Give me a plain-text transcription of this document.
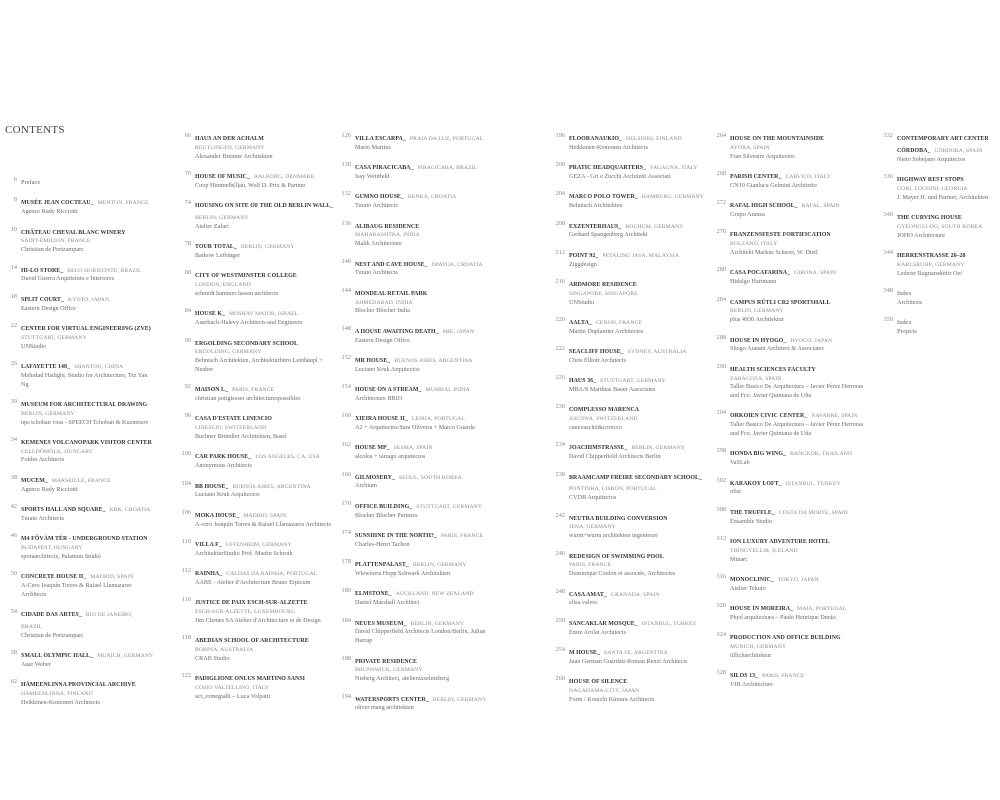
CONTENTS
6 Preface
8 MUSÉE JEAN COCTEAU_ MENTON, FRANCE
Agence Rudy Ricciotti
10 CHÂTEAU CHEVAL BLANC WINERY
SAINT-ÉMILION, FRANCE
Christian de Portzamparc
14 HI-LO STORE_ BELO HORIZONTE, BRAZIL
David Guerra Arquitetura e Interiores
18 SPLIT COURT_ KYOTO, JAPAN
Eastern Design Office
22 CENTER FOR VIRTUAL ENGINEERING (ZVE)
STUTTGART, GERMANY
UNStudio
26 LAFAYETTE 148_ SHANTOU, CHINA
Mehrdad Hadighi, Studio for Architecture, Tsz Yan Ng
30 MUSEUM FOR ARCHITECTURAL DRAWING
BERLIN, GERMANY
nps tchoban voss - SPEECH Tchoban & Kuznetsov
34 KEMENES VOLCANOPARK VISITOR CENTER
CELLDÖMÖLK, HUNGARY
Foldes Architects
38 MUCEM_ MARSEILLE, FRANCE
Agence Rudy Ricciotti
42 SPORTS HALL AND SQUARE_ KRK, CROATIA
Turato Architects
46 M4 FŐVÁM TÉR - UNDERGROUND STATION
BUDAPEST, HUNGARY
sporaarchitects, Palatium Stúdió
50 CONCRETE HOUSE II_ MADRID, SPAIN
A-Cero Joaquín Torres & Rafael Llamazares Architects
54 CIDADE DAS ARTES_ RIO DE JANEIRO, BRAZIL
Christian de Portzamparc
58 SMALL OLYMPIC HALL_ MUNICH, GERMANY
Auer Weber
62 HÄMEENLINNA PROVINCIAL ARCHIVE
HÄMEENLINNA, FINLAND
Heikkinen-Komonen Architects
66 HAUS AN DER ACHALM
REUTLINGEN, GERMANY
Alexander Brenner Architekten
70 HOUSE OF MUSIC_ AALBORG, DENMARK
Coop Himmelb(l)au, Wolf D. Prix & Partner
74 HOUSING ON SITE OF THE OLD BERLIN WALL_ BERLIN, GERMANY
Atelier Zafari
78 TOUR TOTAL_ BERLIN, GERMANY
Barkow Leibinger
80 CITY OF WESTMINSTER COLLEGE
LONDON, ENGLAND
schmidt hammer lassen architects
84 HOUSE K_ MOSHAV MAJOR, ISRAEL
Auerbach-Halevy Architects and Engineers
90 ERGOLDING SECONDARY SCHOOL
ERGOLDING, GERMANY
Behnisch Architekten, Architekturbüro Leinhäupl + Neuber
92 MAISON L_ PARIS, FRANCE
christian pottgiesser architecturespossibles
96 CASA D'ESTATE LINESCIO
LINESCIO, SWITZERLAND
Buchner Bründler Architekten, Basel
100 CAR PARK HOUSE_ LOS ANGELES, CA, USA
Anonymous Architects
104 BB HOUSE_ BUENOS AIRES, ARGENTINA
Luciano Kruk Arquitectos
106 MOKA HOUSE_ MADRID, SPAIN
A-cero Joaquín Torres & Rafael Llamazares Architects
110 VILLA F_ UFFENHEIM, GERMANY
ArchitekturStudio Prof. Martin Schroth
112 RAINHA_ CALDAS DA RAINHA, PORTUGAL
AABE - Atelier d'Architecture Bruno Erpicum
116 JUSTICE DE PAIX ESCH-SUR-ALZETTE
ESCH-SUR-ALZETTE, LUXEMBOURG
Jim Clemes SA Atelier d'Architecture et de Design
118 ABEDIAN SCHOOL OF ARCHITECTURE
ROBINA, AUSTRALIA
CRAB Studio
122 PADIGLIONE ONLUS MARTINO SANSI
COSIO VALTELLINO, ITALY
act_romegialli – Luca Volpatti
126 VILLA ESCARPA_ PRAIA DA LUZ, PORTUGAL
Mario Martins
130 CASA PIRACICABA_ PIRACICABA, BRAZIL
Isay Weinfeld
132 GUMNO HOUSE_ BENKA, CROATIA
Turato Architects
136 ALIBAUG RESIDENCE
MAHARASHTRA, INDIA
Malik Architecture
140 NEST AND CAVE HOUSE_ OPATIJA, CROATIA
Turato Architects
144 MONDEAL RETAIL PARK
AHMEDABAD, INDIA
Blocher Blocher India
148 A HOUSE AWAITING DEATH_ MIE, JAPAN
Eastern Design Office
152 MR HOUSE_ BUENOS AIRES, ARGENTINA
Luciano Kruk Arquitectos
154 HOUSE ON A STREAM_ MUMBAI, INDIA
Architecture BRIO
160 XIEIRA HOUSE II_ LEIRIA, PORTUGAL
A2 + Arquitectos/Sara Oliveira + Marco Guarda
162 HOUSE MP_ SESMA, SPAIN
alcolea + tárrago arquitectos
166 GILMOSERY_ SEOUL, SOUTH KOREA
Archium
170 OFFICE BUILDING_ STUTTGART, GERMANY
Blocher Blocher Partners
174 SUNSHINE IN THE NORTH?_ PARIS, FRANCE
Charles-Henri Tachon
178 PLATTENPALAST_ BERLIN, GERMANY
Wiewiorra Hopp Schwark Architekten
180 ELMSTONE_ AUCKLAND, NEW ZEALAND
Daniel Marshall Architect
184 NEUES MUSEUM_ BERLIN, GERMANY
David Chipperfield Architects London/Berlin, Julian Harrap
188 PRIVATE RESIDENCE
BRUNSWICK, GERMANY
Nieberg Architect, atelierzaxelnieberg
194 WATERSPORTS CENTER_ BERLIN, GERMANY
oliver mang architekten
196 FLOORANAUKIO_ HELSINKI, FINLAND
Heikkinen-Komonen Architects
200 PRATIC HEADQUARTERS_ FAGAGNA, ITALY
GEZA - Gri e Zucchi Architetti Associati
204 MARCO POLO TOWER_ HAMBURG, GERMANY
Behnisch Architekten
208 EXZENTERHAUS_ BOCHUM, GERMANY
Gerhard Spangenberg Architekt
212 POINT 92_ PETALING JAYA, MALAYSIA
Ziggdesign
216 ARDMORE RESIDENCE
SINGAPORE, SINGAPORE
UNStudio
220 AALTA_ CENON, FRANCE
Martin Duplantier Architectes
222 SEACLIFF HOUSE_ SYDNEY, AUSTRALIA
Chris Elliott Architects
226 HAUS 36_ STUTTGART, GERMANY
MBA/S Matthias Bauer Associates
230 COMPLESSO MARENCA
ASCONA, SWITZERLAND
canevascini&corecco
234 JOACHIMSTRASSE_ BERLIN, GERMANY
David Chipperfield Architects Berlin
238 BRAAMCAMP FREIRE SECONDARY SCHOOL_ PONTINHA, LISBON, PORTUGAL
CVDB Arquitectos
242 NEUTRA BUILDING CONVERSION
JENA, GERMANY
wurm+wurm architekten ingenieure
246 REDESIGN OF SWIMMING POOL
PARIS, FRANCE
Dominique Coulon et associés, Architectes
248 CASA AMAT_ GRANADA, SPAIN
elisa valero
250 SANCAKLAR MOSQUE_ ISTANBUL, TURKEY
Emre Arolat Architects
254 M HOUSE_ SANTA FE, ARGENTINA
Juan German Guardati-Roman Renzi Architects
260 HOUSE OF SILENCE
NAGAHAMA-CITY, JAPAN
Form / Kouichi Kimura Architects
264 HOUSE ON THE MOUNTAINSIDE
AYORA, SPAIN
Fran Silvestre Arquitectos
268 PARISH CENTER_ CARVICO, ITALY
CN10 Gianluca Gelmini Architetto
272 RAFAL HIGH SCHOOL_ RAFAL, SPAIN
Grupo Aranea
276 FRANZENSFESTE FORTIFICATION
BOLZANO, ITALY
Architekt Markus Scherer, W. Dietl
280 CASA POCAFARINA_ GIRONA, SPAIN
Hidalgo Hartmann
284 CAMPUS RÜTLI CR2 SPORTSHALL
BERLIN, GERMANY
plus 4930 Architektur
288 HOUSE IN HYOGO_ HYOGO, JAPAN
Shogo Aratani Architect & Associates
290 HEALTH SCIENCES FACULTY
ZARAGOZA, SPAIN
Taller Basico De Arquitectura – Javier Pérez Herreras and Fco. Javier Quintana de Uña
294 ORKOIEN CIVIC CENTER_ NAVARRE, SPAIN
Taller Basico De Arquitectura – Javier Pérez Herreras and Fco. Javier Quintana de Uña
298 HONDA BIG WING_ BANGKOK, THAILAND
VaSLab
302 KARAKOY LOFT_ ISTANBUL, TURKEY
ofist
308 THE TRUFFLE_ COSTA DA MORTE, SPAIN
Ensamble Studio
312 ION LUXURY ADVENTURE HOTEL
THINGVELLIR, ICELAND
Minarc
316 MONOCLINIC_ TOKYO, JAPAN
Atelier Tekuto
320 HOUSE IN MOREIRA_ MAIA, PORTUGAL
Phyd arquitectura – Paulo Henrique Durão
324 PRODUCTION AND OFFICE BUILDING
MUNICH, GERMANY
tillicharchitektur
328 SILOS 13_ PARIS, FRANCE
VIB Architecture
332 CONTEMPORARY ART CENTER CÓRDOBA_ CÓRDOBA, SPAIN
Nieto Sobejano Arquitectos
336 HIGHWAY REST STOPS
GORI, LOCHINI, GEORGIA
J. Mayer H. und Partner, Architekten
340 THE CURVING HOUSE
GYEONGGI-DO, SOUTH KOREA
JOHO Architecture
344 HERRENSTRASSE 26–28
KARLSRUHE, GERMANY
Lederer Ragnarsdóttir Oei
348 Index
Architects
350 Index
Projects
